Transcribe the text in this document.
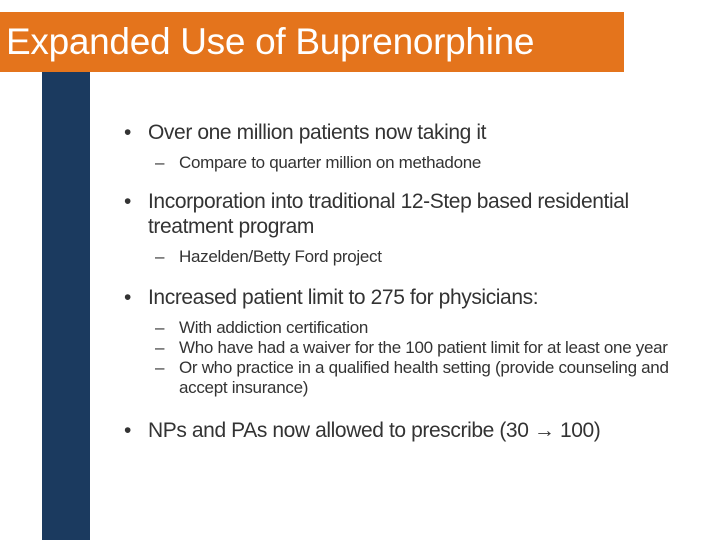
Expanded Use of Buprenorphine
• Over one million patients now taking it
– Compare to quarter million on methadone
• Incorporation into traditional 12-Step based residential treatment program
– Hazelden/Betty Ford project
• Increased patient limit to 275 for physicians:
– With addiction certification
– Who have had a waiver for the 100 patient limit for at least one year
– Or who practice in a qualified health setting (provide counseling and accept insurance)
• NPs and PAs now allowed to prescribe (30 → 100)
